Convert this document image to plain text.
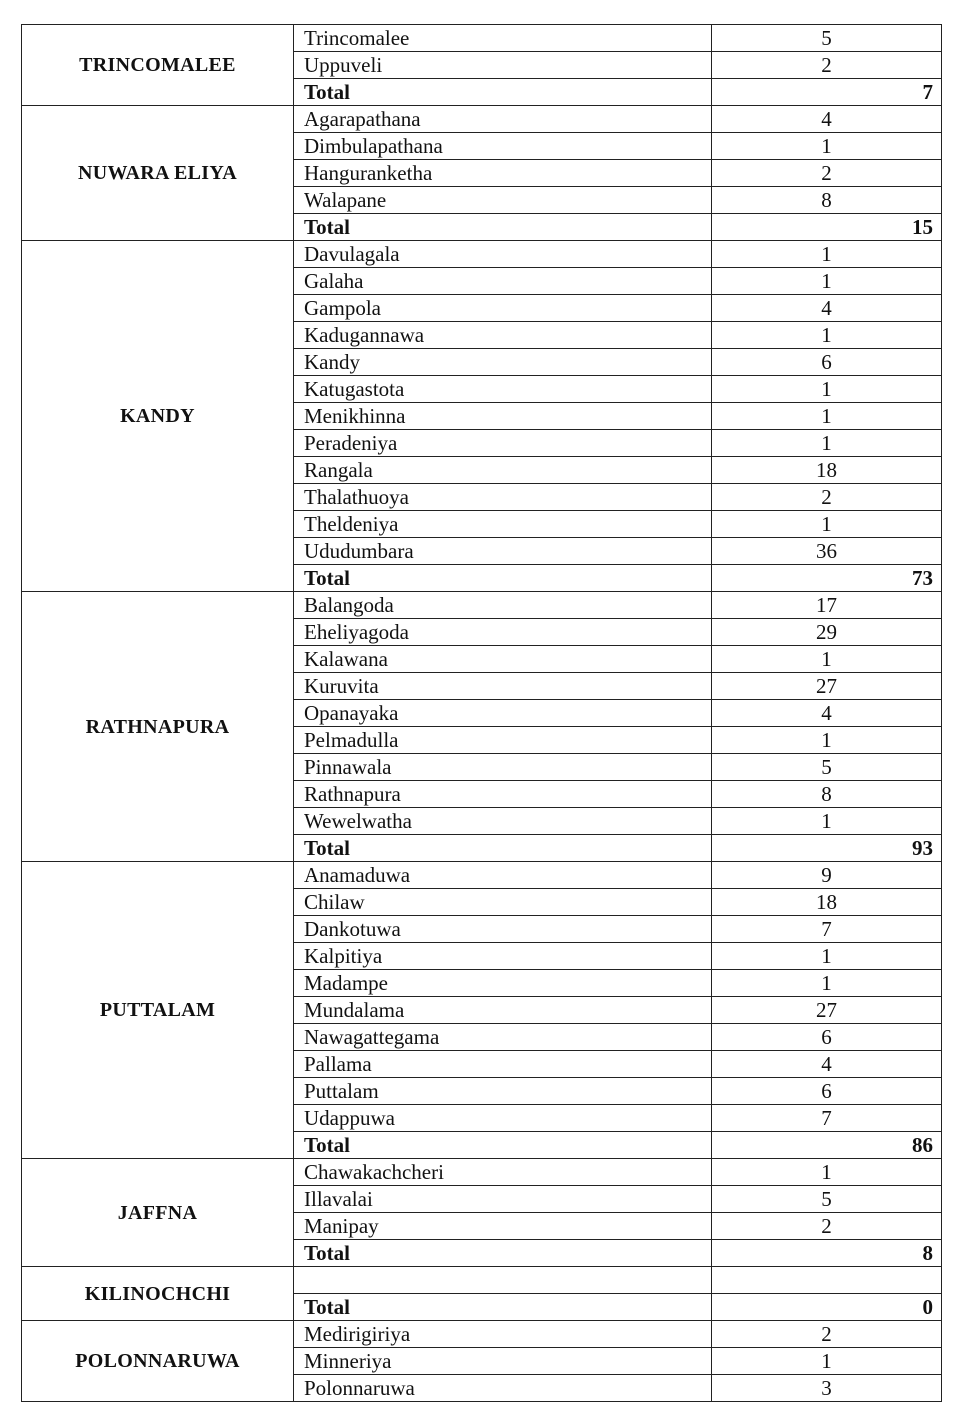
TRINCOMALEE	Trincomalee	5
	Uppuveli	2
	Total	7
NUWARA ELIYA	Agarapathana	4
	Dimbulapathana	1
	Hanguranketha	2
	Walapane	8
	Total	15
KANDY	Davulagala	1
	Galaha	1
	Gampola	4
	Kadugannawa	1
	Kandy	6
	Katugastota	1
	Menikhinna	1
	Peradeniya	1
	Rangala	18
	Thalathuoya	2
	Theldeniya	1
	Ududumbara	36
	Total	73
RATHNAPURA	Balangoda	17
	Eheliyagoda	29
	Kalawana	1
	Kuruvita	27
	Opanayaka	4
	Pelmadulla	1
	Pinnawala	5
	Rathnapura	8
	Wewelwatha	1
	Total	93
PUTTALAM	Anamaduwa	9
	Chilaw	18
	Dankotuwa	7
	Kalpitiya	1
	Madampe	1
	Mundalama	27
	Nawagattegama	6
	Pallama	4
	Puttalam	6
	Udappuwa	7
	Total	86
JAFFNA	Chawakachcheri	1
	Illavalai	5
	Manipay	2
	Total	8
KILINOCHCHI		
	Total	0
POLONNARUWA	Medirigiriya	2
	Minneriya	1
	Polonnaruwa	3
